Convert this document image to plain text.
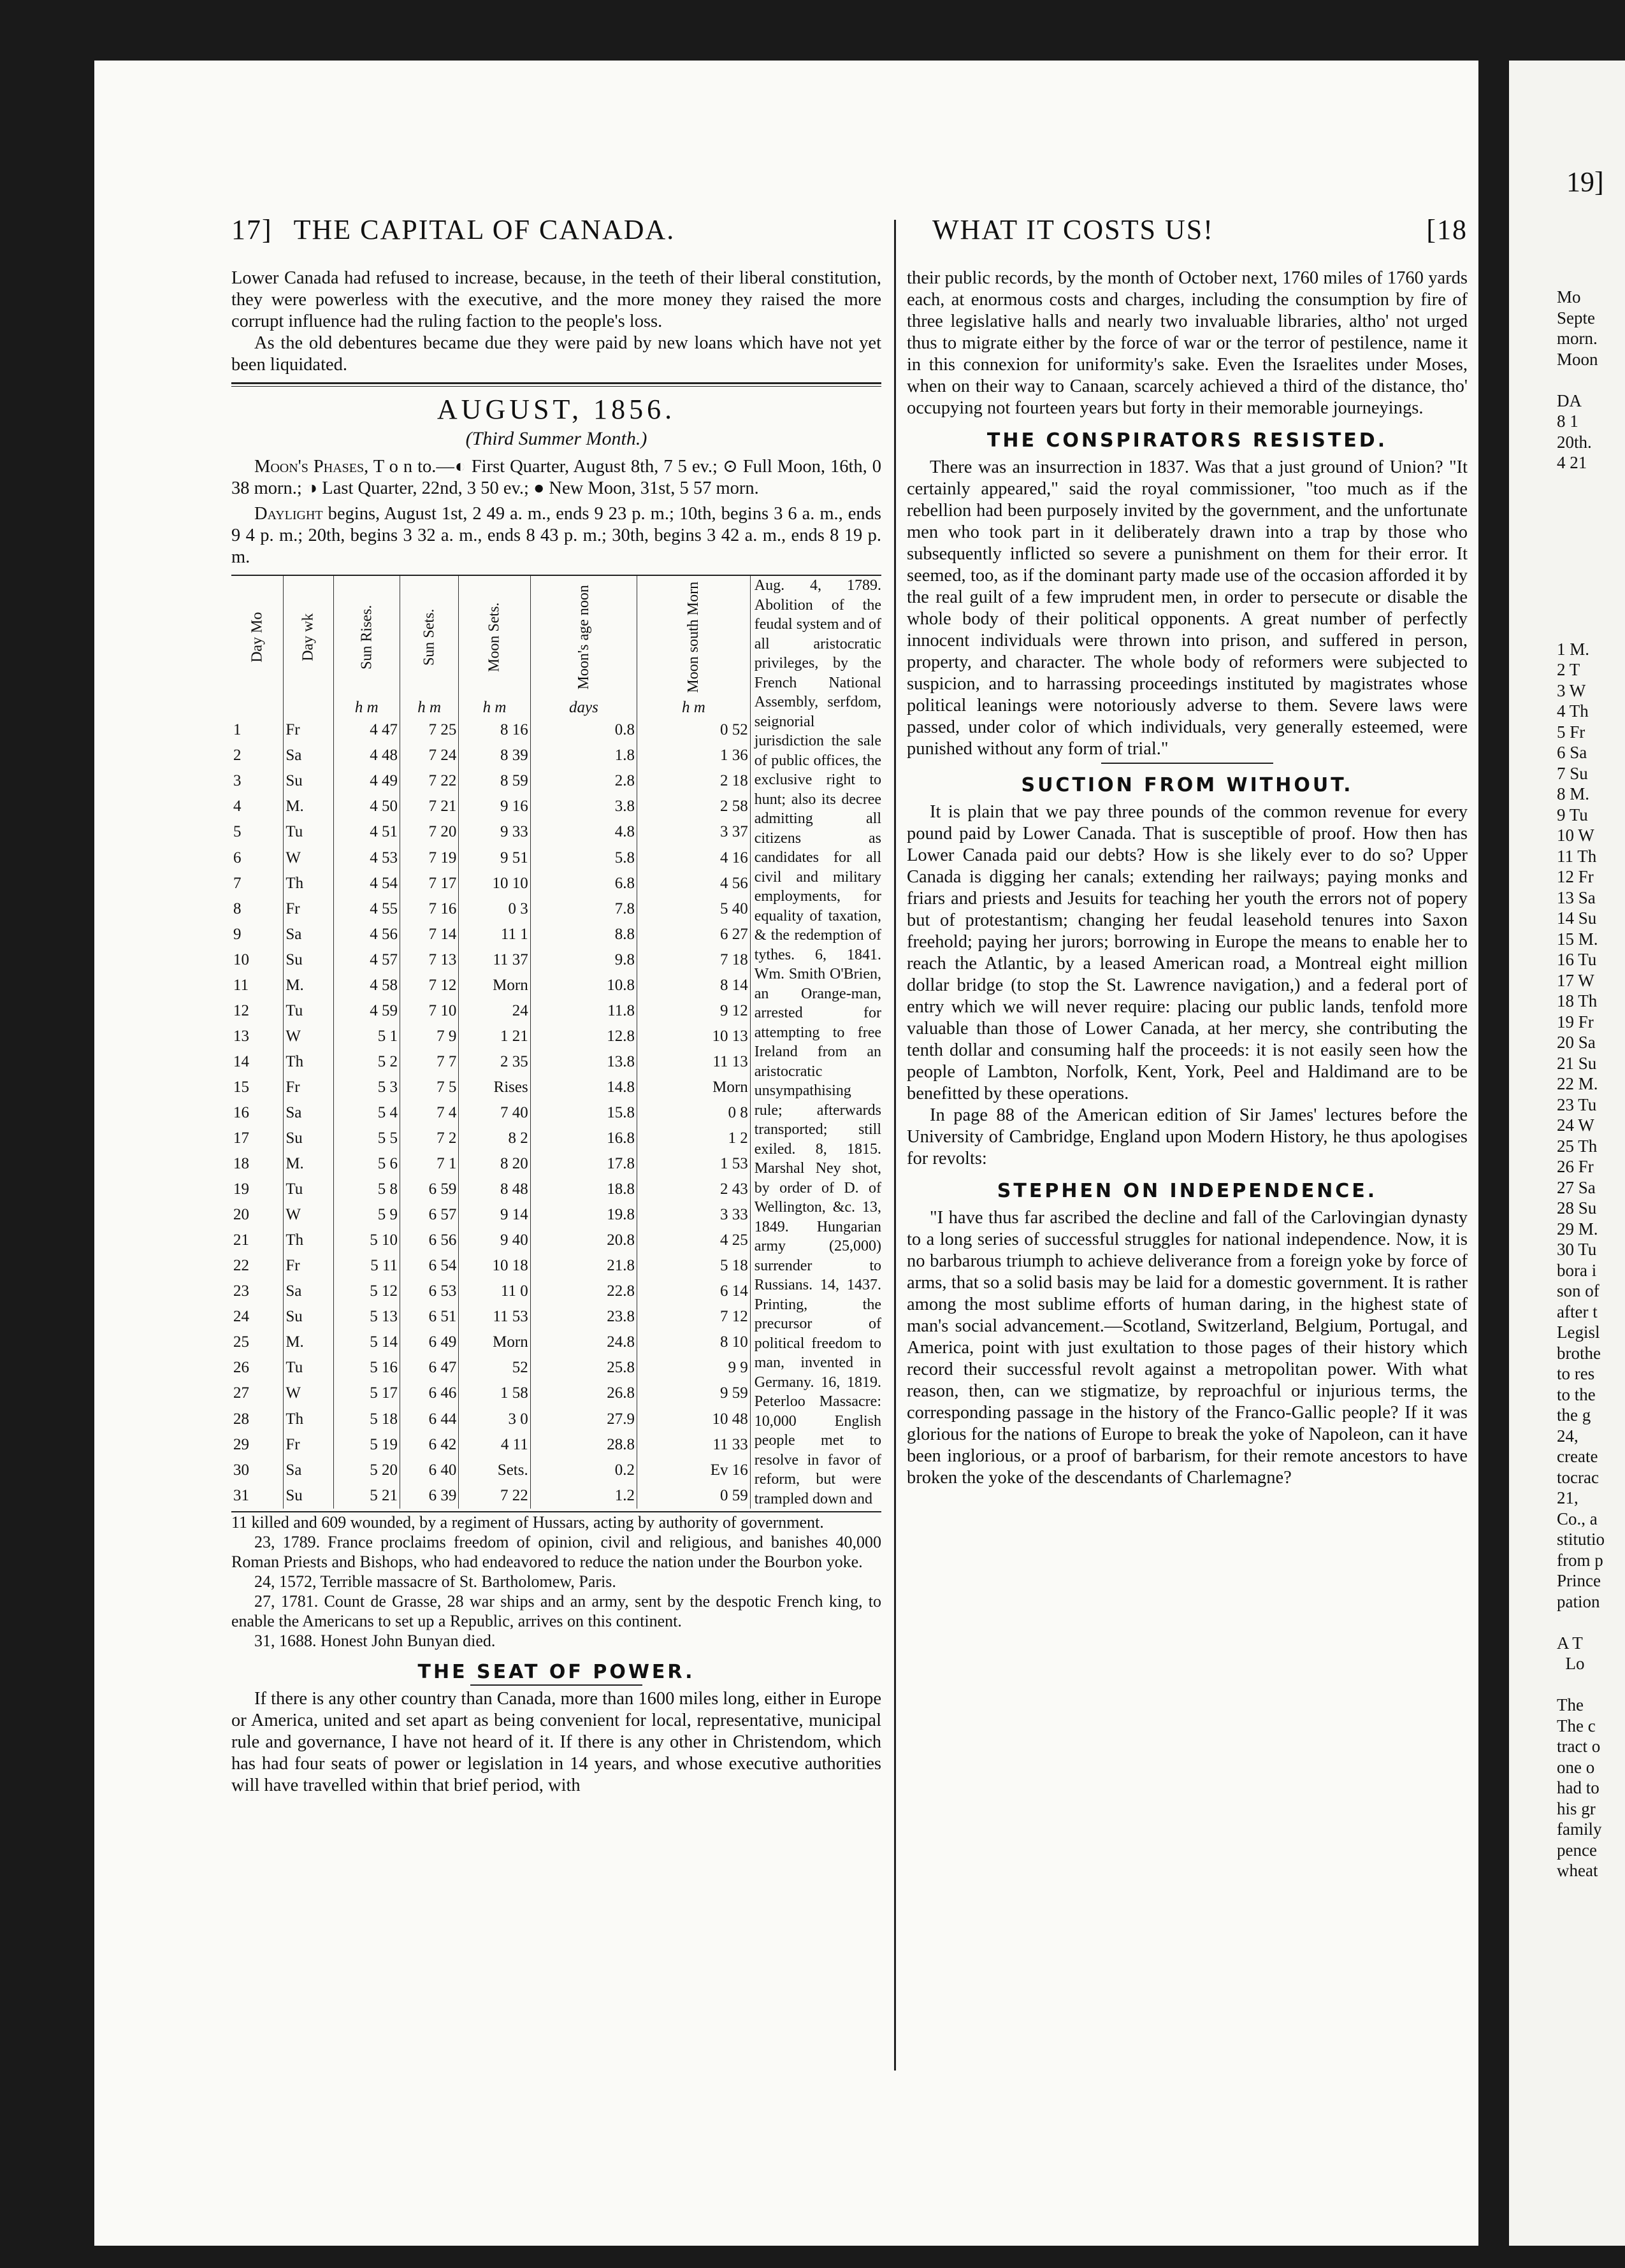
17] THE CAPITAL OF CANADA.	WHAT IT COSTS US!	[18

Lower Canada had refused to increase, because, in the teeth of their liberal constitution, they were powerless with the executive, and the more money they raised the more corrupt influence had the ruling faction to the people's loss.

As the old debentures became due they were paid by new loans which have not yet been liquidated.

AUGUST, 1856.
(Third Summer Month.)

Moon's Phases, T o n to.—◐ First Quarter, August 8th, 7 5 ev.; ⊙ Full Moon, 16th, 0 38 morn.; ◑ Last Quarter, 22nd, 3 50 ev.; ● New Moon, 31st, 5 57 morn.

Daylight begins, August 1st, 2 49 a. m., ends 9 23 p. m.; 10th, begins 3 6 a. m., ends 9 4 p. m.; 20th, begins 3 32 a. m., ends 8 43 p. m.; 30th, begins 3 42 a. m., ends 8 19 p. m.

Day Mo	Day wk	Sun Rises.	Sun Sets.	Moon Sets.	Moon's age noon	Moon south Morn
		h m	h m	h m	days	h m
1	Fr	4 47	7 25	8 16	0.8	0 52
2	Sa	4 48	7 24	8 39	1.8	1 36
3	Su	4 49	7 22	8 59	2.8	2 18
4	M.	4 50	7 21	9 16	3.8	2 58
5	Tu	4 51	7 20	9 33	4.8	3 37
6	W	4 53	7 19	9 51	5.8	4 16
7	Th	4 54	7 17	10 10	6.8	4 56
8	Fr	4 55	7 16	0 3	7.8	5 40
9	Sa	4 56	7 14	11 1	8.8	6 27
10	Su	4 57	7 13	11 37	9.8	7 18
11	M.	4 58	7 12	Morn	10.8	8 14
12	Tu	4 59	7 10	24	11.8	9 12
13	W	5 1	7 9	1 21	12.8	10 13
14	Th	5 2	7 7	2 35	13.8	11 13
15	Fr	5 3	7 5	Rises	14.8	Morn
16	Sa	5 4	7 4	7 40	15.8	0 8
17	Su	5 5	7 2	8 2	16.8	1 2
18	M.	5 6	7 1	8 20	17.8	1 53
19	Tu	5 8	6 59	8 48	18.8	2 43
20	W	5 9	6 57	9 14	19.8	3 33
21	Th	5 10	6 56	9 40	20.8	4 25
22	Fr	5 11	6 54	10 18	21.8	5 18
23	Sa	5 12	6 53	11 0	22.8	6 14
24	Su	5 13	6 51	11 53	23.8	7 12
25	M.	5 14	6 49	Morn	24.8	8 10
26	Tu	5 16	6 47	52	25.8	9 9
27	W	5 17	6 46	1 58	26.8	9 59
28	Th	5 18	6 44	3 0	27.9	10 48
29	Fr	5 19	6 42	4 11	28.8	11 33
30	Sa	5 20	6 40	Sets.	0.2	Ev 16
31	Su	5 21	6 39	7 22	1.2	0 59
Aug. 4, 1789. Abolition of the feudal system and of all aristocratic privileges, by the French National Assembly, serfdom, seignorial jurisdiction the sale of public offices, the exclusive right to hunt; also its decree admitting all citizens as candidates for all civil and military employments, for equality of taxation, & the redemption of tythes. 6, 1841. Wm. Smith O'Brien, an Orange-man, arrested for attempting to free Ireland from an aristocratic unsympathising rule; afterwards transported; still exiled. 8, 1815. Marshal Ney shot, by order of D. of Wellington, &c. 13, 1849. Hungarian army (25,000) surrender to Russians. 14, 1437. Printing, the precursor of political freedom to man, invented in Germany. 16, 1819. Peterloo Massacre: 10,000 English people met to resolve in favor of reform, but were trampled down and

11 killed and 609 wounded, by a regiment of Hussars, acting by authority of government.

23, 1789. France proclaims freedom of opinion, civil and religious, and banishes 40,000 Roman Priests and Bishops, who had endeavored to reduce the nation under the Bourbon yoke.

24, 1572, Terrible massacre of St. Bartholomew, Paris.

27, 1781. Count de Grasse, 28 war ships and an army, sent by the despotic French king, to enable the Americans to set up a Republic, arrives on this continent.

31, 1688. Honest John Bunyan died.

THE SEAT OF POWER.

If there is any other country than Canada, more than 1600 miles long, either in Europe or America, united and set apart as being convenient for local, representative, municipal rule and governance, I have not heard of it. If there is any other in Christendom, which has had four seats of power or legislation in 14 years, and whose executive authorities will have travelled within that brief period, with

their public records, by the month of October next, 1760 miles of 1760 yards each, at enormous costs and charges, including the consumption by fire of three legislative halls and nearly two invaluable libraries, altho' not urged thus to migrate either by the force of war or the terror of pestilence, name it in this connexion for uniformity's sake. Even the Israelites under Moses, when on their way to Canaan, scarcely achieved a third of the distance, tho' occupying not fourteen years but forty in their memorable journeyings.

THE CONSPIRATORS RESISTED.

There was an insurrection in 1837. Was that a just ground of Union? "It certainly appeared," said the royal commissioner, "too much as if the rebellion had been purposely invited by the government, and the unfortunate men who took part in it deliberately drawn into a trap by those who subsequently inflicted so severe a punishment on them for their error. It seemed, too, as if the dominant party made use of the occasion afforded it by the real guilt of a few imprudent men, in order to persecute or disable the whole body of their political opponents. A great number of perfectly innocent individuals were thrown into prison, and suffered in person, property, and character. The whole body of reformers were subjected to suspicion, and to harrassing proceedings instituted by magistrates whose political leanings were notoriously adverse to them. Severe laws were passed, under color of which individuals, very generally esteemed, were punished without any form of trial."

SUCTION FROM WITHOUT.

It is plain that we pay three pounds of the common revenue for every pound paid by Lower Canada. That is susceptible of proof. How then has Lower Canada paid our debts? How is she likely ever to do so? Upper Canada is digging her canals; extending her railways; paying monks and friars and priests and Jesuits for teaching her youth the errors not of popery but of protestantism; changing her feudal leasehold tenures into Saxon freehold; paying her jurors; borrowing in Europe the means to enable her to reach the Atlantic, by a leased American road, a Montreal eight million dollar bridge (to stop the St. Lawrence navigation,) and a federal port of entry which we will never require: placing our public lands, tenfold more valuable than those of Lower Canada, at her mercy, she contributing the tenth dollar and consuming half the proceeds: it is not easily seen how the people of Lambton, Norfolk, Kent, York, Peel and Haldimand are to be benefitted by these operations.

In page 88 of the American edition of Sir James' lectures before the University of Cambridge, England upon Modern History, he thus apologises for revolts:

STEPHEN ON INDEPENDENCE.

"I have thus far ascribed the decline and fall of the Carlovingian dynasty to a long series of successful struggles for national independence. Now, it is no barbarous triumph to achieve deliverance from a foreign yoke by force of arms, that so a solid basis may be laid for a domestic government. It is rather among the most sublime efforts of human daring, in the highest state of man's social advancement.—Scotland, Switzerland, Belgium, Portugal, and America, point with just exultation to those pages of their history which record their successful revolt against a metropolitan power. With what reason, then, can we stigmatize, by reproachful or injurious terms, the corresponding passage in the history of the Franco-Gallic people? If it was glorious for the nations of Europe to break the yoke of Napoleon, can it have been inglorious, or a proof of barbarism, for their remote ancestors to have broken the yoke of the descendants of Charlemagne?

19]

Mo
Septe
morn.
Moon

DA
8 1
20th.
4 21

1 M.
2 T
3 W
4 Th
5 Fr
6 Sa
7 Su
8 M.
9 Tu
10 W
11 Th
12 Fr
13 Sa
14 Su
15 M.
16 Tu
17 W
18 Th
19 Fr
20 Sa
21 Su
22 M.
23 Tu
24 W
25 Th
26 Fr
27 Sa
28 Su
29 M.
30 Tu
bora i
son of
after t
Legisl
brothe
to res
to the
the g
24,
create
tocrac
21,
Co., a
stitutio
from p
Prince
pation

A T
Lo

The
The c
tract o
one o
had to
his gr
family
pence
wheat
